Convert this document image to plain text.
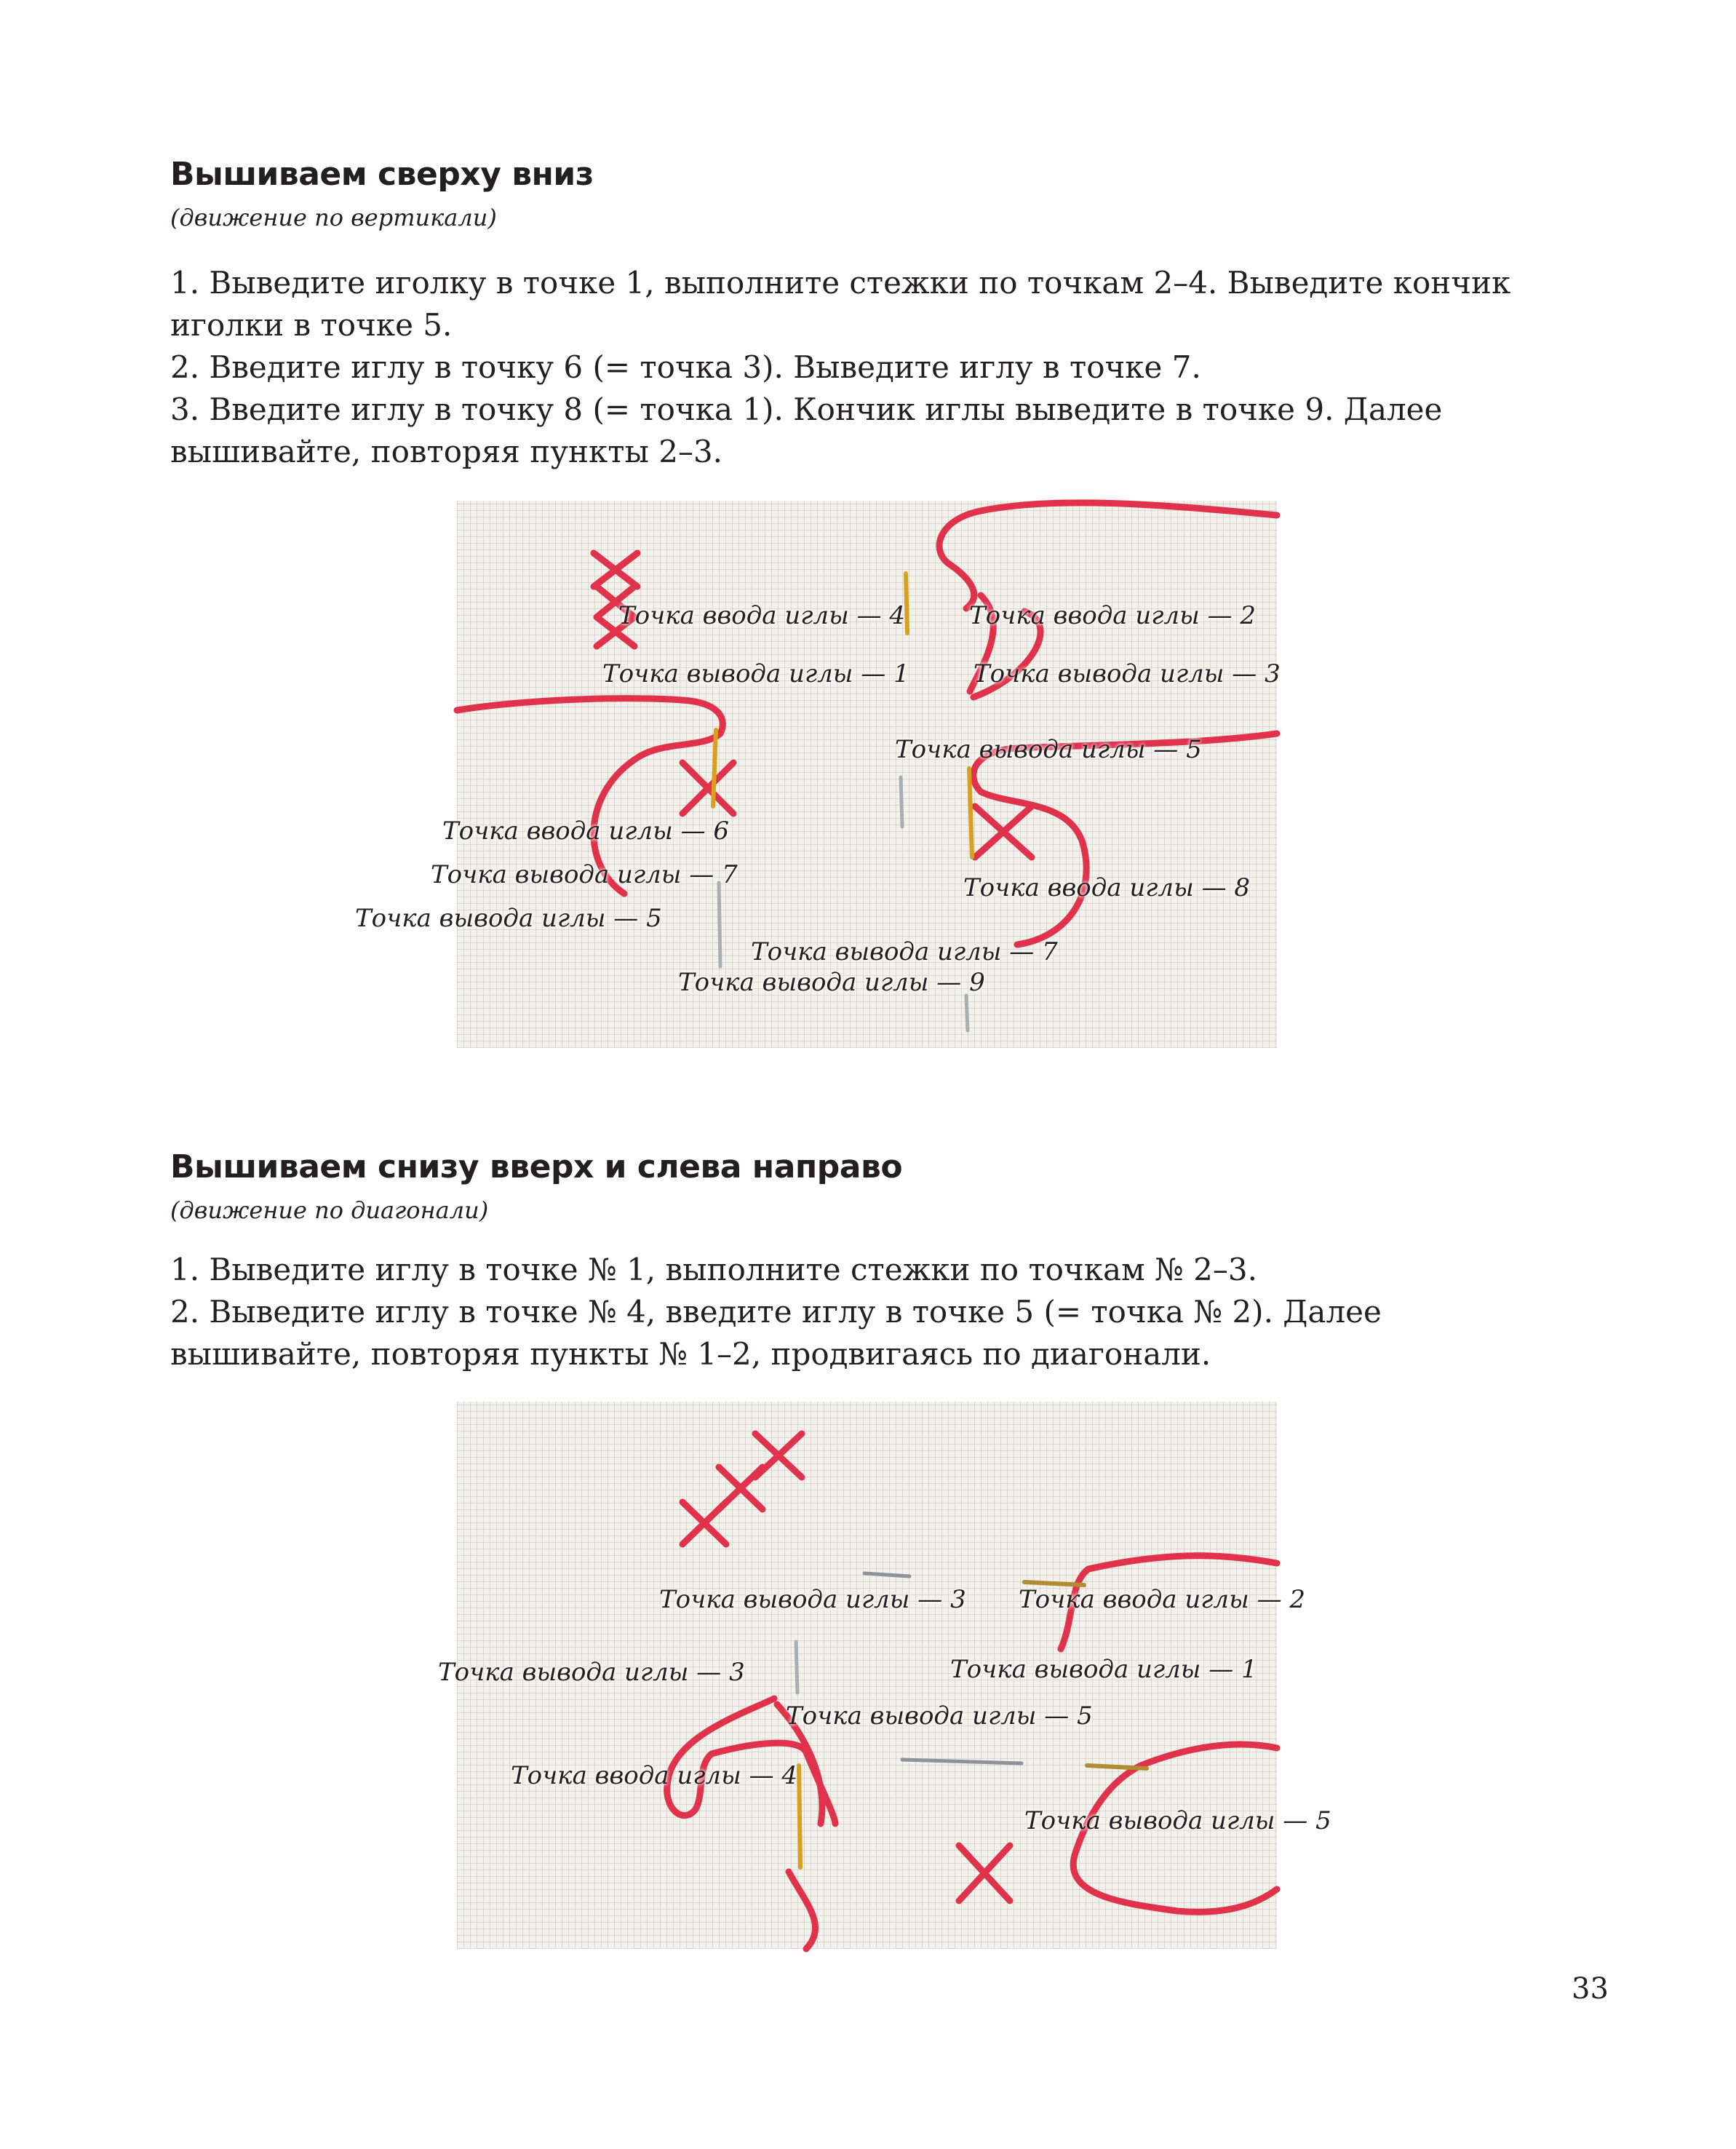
Вышиваем сверху вниз

(движение по вертикали)

1. Выведите иголку в точке 1, выполните стежки по точкам 2–4. Выведите кончик иголки в точке 5.
2. Введите иглу в точку 6 (= точка 3). Выведите иглу в точке 7.
3. Введите иглу в точку 8 (= точка 1). Кончик иглы выведите в точке 9. Далее вышивайте, повторяя пункты 2–3.
Точка ввода иглы — 4	Точка ввода иглы — 2
Точка вывода иглы — 1	Точка вывода иглы — 3
Точка вывода иглы — 5
Точка ввода иглы — 6
Точка вывода иглы — 7
Точка вывода иглы — 5
Точка ввода иглы — 8
Точка вывода иглы — 7
Точка вывода иглы — 9
Вышиваем снизу вверх и слева направо

(движение по диагонали)

1. Выведите иглу в точке № 1, выполните стежки по точкам № 2–3.
2. Выведите иглу в точке № 4, введите иглу в точке 5 (= точка № 2). Далее вышивайте, повторяя пункты № 1–2, продвигаясь по диагонали.
Точка вывода иглы — 3 Точка ввода иглы — 2
Точка вывода иглы — 3	Точка вывода иглы — 1
Точка вывода иглы — 5
Точка ввода иглы — 4
Точка вывода иглы — 5
33
